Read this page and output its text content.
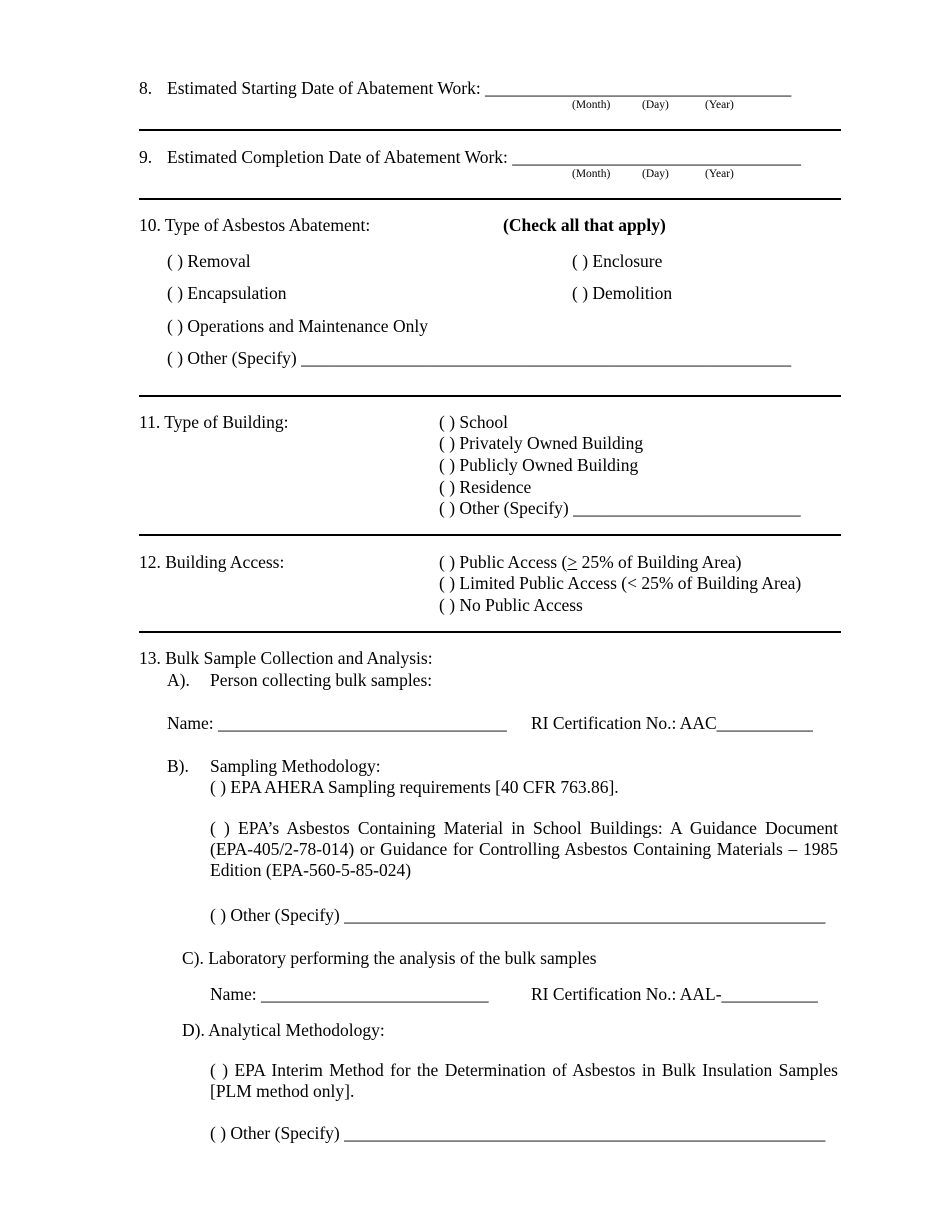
8. Estimated Starting Date of Abatement Work: ___________________________________
(Month)	(Day)	(Year)
9. Estimated Completion Date of Abatement Work: _________________________________
(Month)	(Day)	(Year)
10. Type of Asbestos Abatement:	(Check all that apply)
( ) Removal	( ) Enclosure
( ) Encapsulation	( ) Demolition
( ) Operations and Maintenance Only
( ) Other (Specify) ________________________________________________________
11. Type of Building:	( ) School
( ) Privately Owned Building
( ) Publicly Owned Building
( ) Residence
( ) Other (Specify) __________________________
12. Building Access:	( ) Public Access (≥ 25% of Building Area)
( ) Limited Public Access (< 25% of Building Area)
( ) No Public Access
13. Bulk Sample Collection and Analysis:
A). Person collecting bulk samples:
Name: _________________________________ RI Certification No.: AAC___________
B). Sampling Methodology:
( ) EPA AHERA Sampling requirements [40 CFR 763.86].
( ) EPA’s Asbestos Containing Material in School Buildings: A Guidance Document (EPA-405/2-78-014) or Guidance for Controlling Asbestos Containing Materials – 1985 Edition (EPA-560-5-85-024)
( ) Other (Specify) _______________________________________________________
C). Laboratory performing the analysis of the bulk samples
Name: __________________________ RI Certification No.: AAL-___________
D). Analytical Methodology:
( ) EPA Interim Method for the Determination of Asbestos in Bulk Insulation Samples [PLM method only].
( ) Other (Specify) _______________________________________________________
